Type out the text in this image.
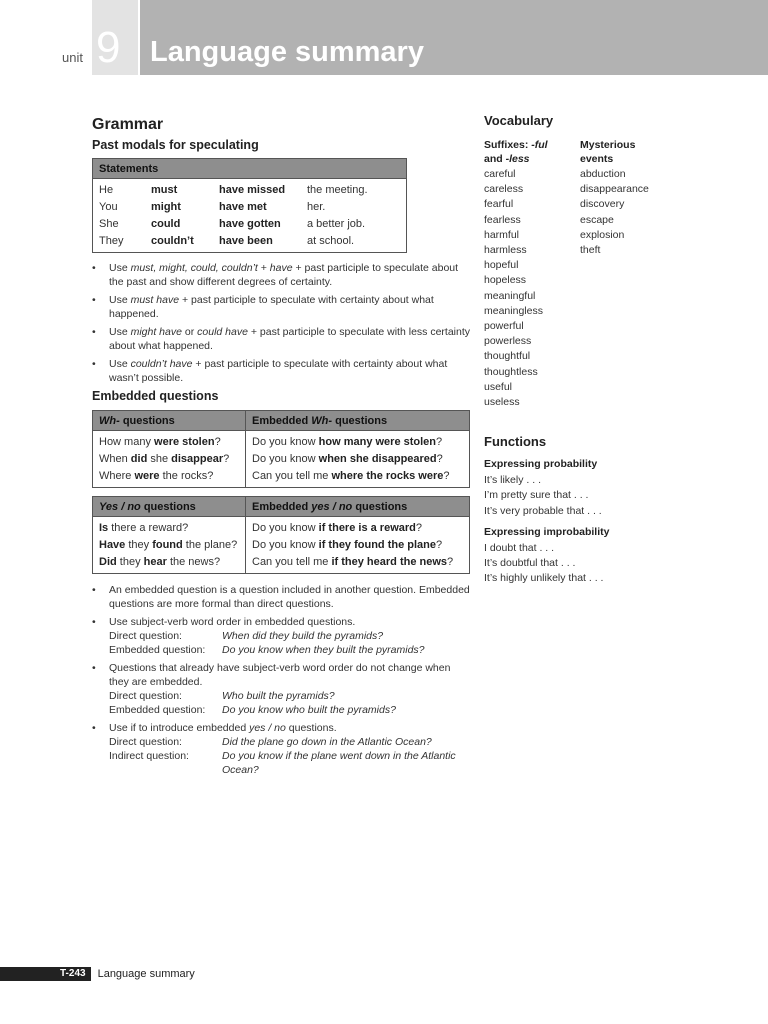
unit 9 Language summary
Grammar
Past modals for speculating
Statements			
He	must	have missed	the meeting.
You	might	have met	her.
She	could	have gotten	a better job.
They	couldn’t	have been	at school.
• Use must, might, could, couldn’t + have + past participle to speculate about the past and show different degrees of certainty.
• Use must have + past participle to speculate with certainty about what happened.
• Use might have or could have + past participle to speculate with less certainty about what happened.
• Use couldn’t have + past participle to speculate with certainty about what wasn’t possible.
Embedded questions
Wh- questions	Embedded Wh- questions
How many were stolen?	Do you know how many were stolen?
When did she disappear?	Do you know when she disappeared?
Where were the rocks?	Can you tell me where the rocks were?
Yes / no questions	Embedded yes / no questions
Is there a reward?	Do you know if there is a reward?
Have they found the plane?	Do you know if they found the plane?
Did they hear the news?	Can you tell me if they heard the news?
• An embedded question is a question included in another question. Embedded questions are more formal than direct questions.
• Use subject-verb word order in embedded questions.
Direct question:	When did they build the pyramids?
Embedded question:	Do you know when they built the pyramids?
• Questions that already have subject-verb word order do not change when they are embedded.
Direct question:	Who built the pyramids?
Embedded question:	Do you know who built the pyramids?
• Use if to introduce embedded yes / no questions.
Direct question:	Did the plane go down in the Atlantic Ocean?
Indirect question:	Do you know if the plane went down in the Atlantic Ocean?
Vocabulary
Suffixes: -ful
and -less
careful
careless
fearful
fearless
harmful
harmless
hopeful
hopeless
meaningful
meaningless
powerful
powerless
thoughtful
thoughtless
useful
useless
Mysterious
events
abduction
disappearance
discovery
escape
explosion
theft
Functions
Expressing probability
It’s likely . . .
I’m pretty sure that . . .
It’s very probable that . . .
Expressing improbability
I doubt that . . .
It’s doubtful that . . .
It’s highly unlikely that . . .
T-243	Language summary
